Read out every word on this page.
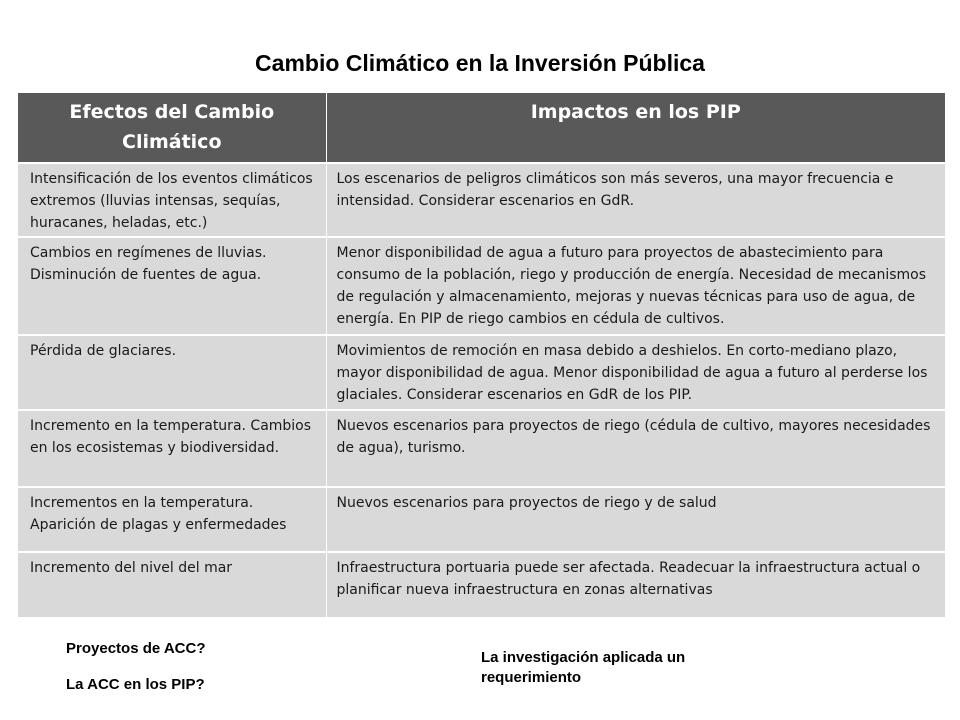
Cambio Climático en la Inversión Pública
Efectos del Cambio Climático	Impactos en los PIP
Intensificación de los eventos climáticos extremos (lluvias intensas, sequías, huracanes, heladas, etc.)	Los escenarios de peligros climáticos son más severos, una mayor frecuencia e intensidad. Considerar escenarios en GdR.
Cambios en regímenes de lluvias. Disminución de fuentes de agua.	Menor disponibilidad de agua a futuro para proyectos de abastecimiento para consumo de la población, riego y producción de energía. Necesidad de mecanismos de regulación y almacenamiento, mejoras y nuevas técnicas para uso de agua, de energía. En PIP de riego cambios en cédula de cultivos.
Pérdida de glaciares.	Movimientos de remoción en masa debido a deshielos. En corto-mediano plazo, mayor disponibilidad de agua. Menor disponibilidad de agua a futuro al perderse los glaciales. Considerar escenarios en GdR de los PIP.
Incremento en la temperatura. Cambios en los ecosistemas y biodiversidad.	Nuevos escenarios para proyectos de riego (cédula de cultivo, mayores necesidades de agua), turismo.
Incrementos en la temperatura. Aparición de plagas y enfermedades	Nuevos escenarios para proyectos de riego y de salud
Incremento del nivel del mar	Infraestructura portuaria puede ser afectada. Readecuar la infraestructura actual o planificar nueva infraestructura en zonas alternativas
Proyectos de ACC?
La ACC en los PIP?
La investigación aplicada un requerimiento
